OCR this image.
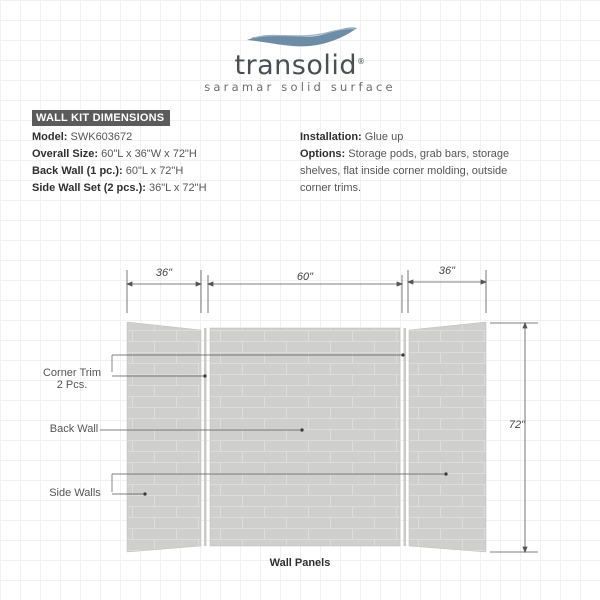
transolid®
saramar solid surface
WALL KIT DIMENSIONS
Model: SWK603672
Overall Size: 60"L x 36"W x 72"H
Back Wall (1 pc.): 60"L x 72"H
Side Wall Set (2 pcs.): 36"L x 72"H
Installation: Glue up
Options: Storage pods, grab bars, storage shelves, flat inside corner molding, outside corner trims.
36"	60"	36"
72"
Corner Trim
2 Pcs.
Back Wall
Side Walls
Wall Panels
